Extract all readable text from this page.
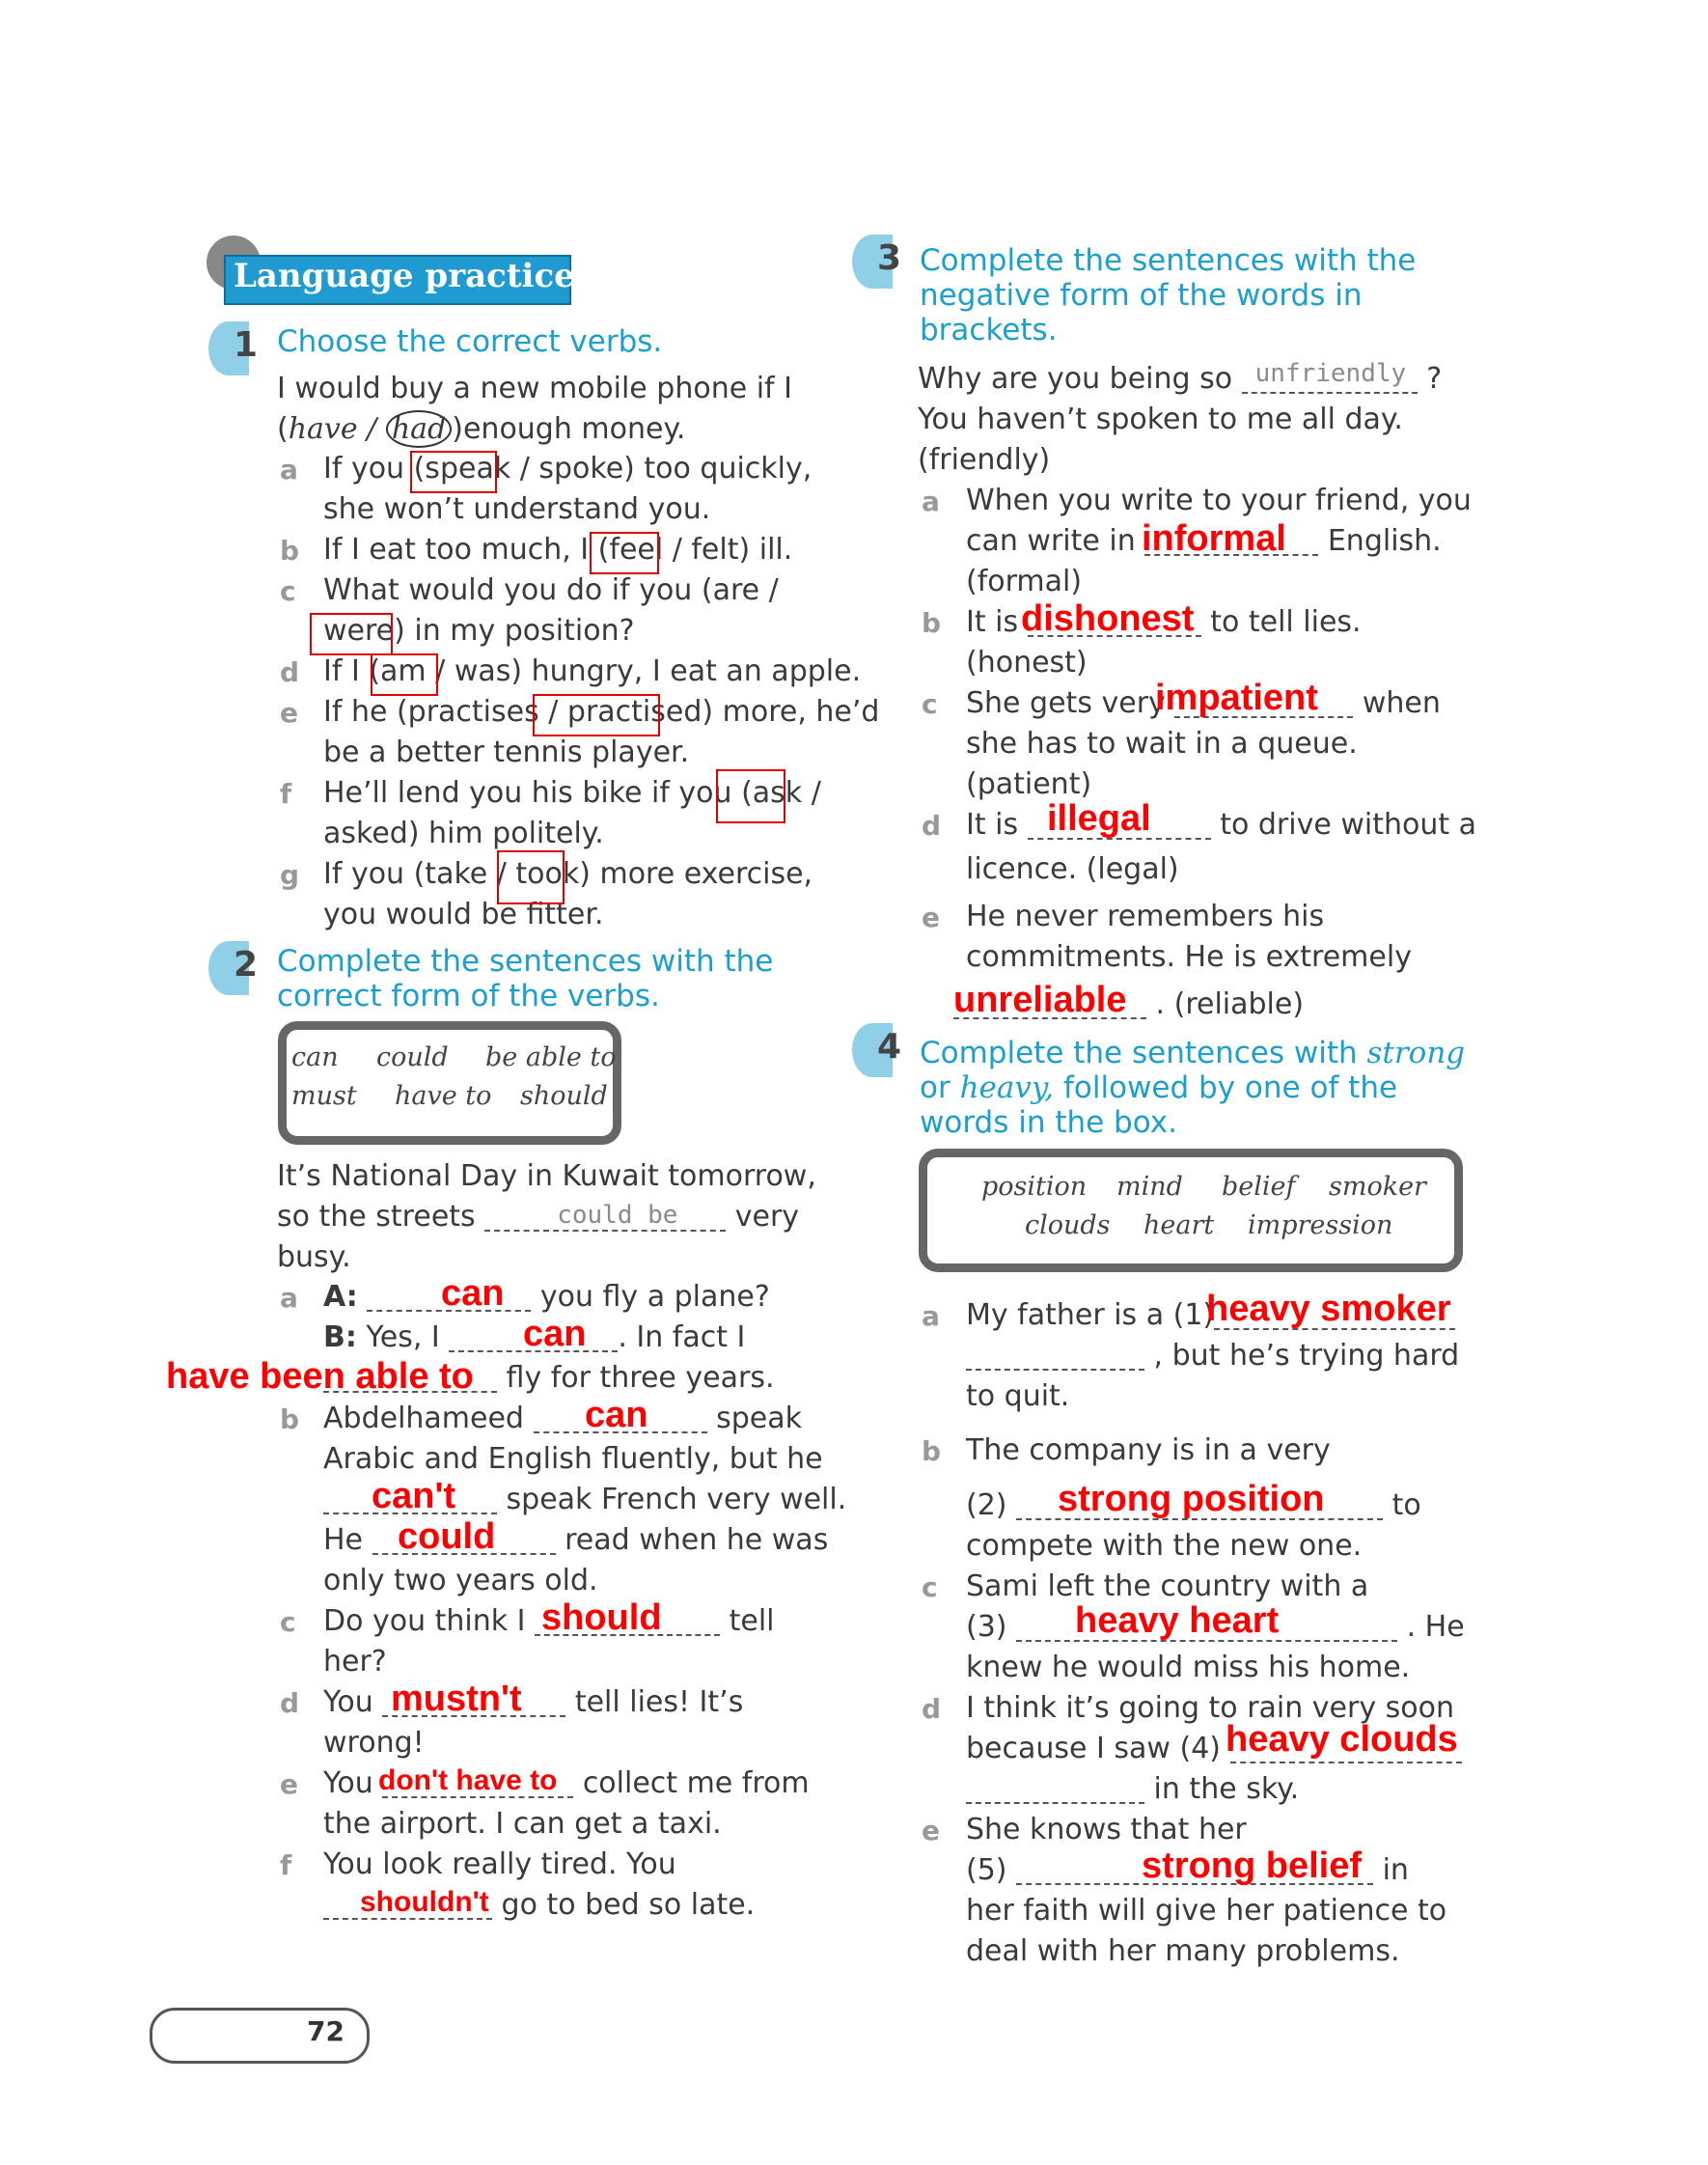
Language practice
1 Choose the correct verbs.
I would buy a new mobile phone if I
(have / had )enough money.
a If you (speak / spoke) too quickly,
she won’t understand you.
b If I eat too much, I (feel / felt) ill.
c What would you do if you (are /
were) in my position?
d If I (am / was) hungry, I eat an apple.
e If he (practises / practised) more, he’d
be a better tennis player.
f He’ll lend you his bike if you (ask /
asked) him politely.
g If you (take / took) more exercise,
you would be fitter.
2 Complete the sentences with the
correct form of the verbs.
can could be able to
must have to should
It’s National Day in Kuwait tomorrow,
so the streets	could be very
busy.
a A:	you fly a plane?
can
B: Yes, I	. In fact I
can
fly for three years.
have been able to
b Abdelhameed	speak
can
Arabic and English fluently, but he
speak French very well.
can't
He	read when he was
could
only two years old.
c Do you think I	tell
should
her?
d You	tell lies! It’s
mustn't
wrong!
e You	collect me from
don't have to
the airport. I can get a taxi.
f You look really tired. You
go to bed so late.
shouldn't
3 Complete the sentences with the
negative form of the words in
brackets.
Why are you being so unfriendly ?
You haven’t spoken to me all day.
(friendly)
a When you write to your friend, you
can write in	English.
informal
(formal)
b It is	to tell lies.
dishonest
(honest)
c She gets very	when
impatient
she has to wait in a queue.
(patient)
d It is	to drive without a
illegal
licence. (legal)
e He never remembers his
commitments. He is extremely
. (reliable)
unreliable
4 Complete the sentences with strong
or heavy, followed by one of the
words in the box.
position mind belief smoker
clouds heart impression
a My father is a (1)
heavy smoker
, but he’s trying hard
to quit.
b The company is in a very
(2)	to
strong position
compete with the new one.
c Sami left the country with a
(3)	. He
heavy heart
knew he would miss his home.
d I think it’s going to rain very soon
because I saw (4) heavy clouds
in the sky.
e She knows that her
(5)	in
strong belief
her faith will give her patience to
deal with her many problems.
72
